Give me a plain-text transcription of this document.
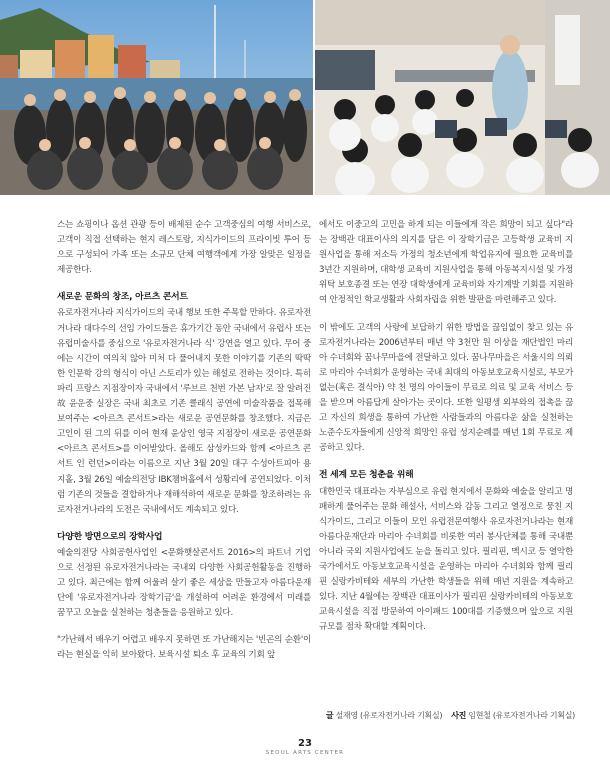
스는 쇼핑이나 옵션 관광 등이 배제된 순수 고객중심의 여행 서비스로, 고객이 직접 선택하는 현지 레스토랑, 지식가이드의 프라이빗 투어 등으로 구성되어 가족 또는 소규모 단체 여행객에게 가장 알맞은 일정을 제공한다.

새로운 문화의 창조, 아르츠 콘서트

유로자전거나라 지식가이드의 국내 행보 또한 주목할 만하다. 유로자전거나라 대다수의 선임 가이드들은 휴가기간 동안 국내에서 유럽사 또는 유럽미술사를 중심으로 '유로자전거나라 식' 강연을 열고 있다. 무어 중에는 시간이 여의치 않아 미처 다 풀어내지 못한 이야기를 기존의 딱딱한 인문학 강의 형식이 아닌 스토리가 있는 해설로 전하는 것이다. 특히 파리 프랑스 지점장이자 국내에서 '루브르 천번 가본 남자'로 잘 알려진 故 윤운중 실장은 국내 최초로 기존 클래식 공연에 미술작품을 접목해 보여주는 <아르츠 콘서트>라는 새로운 공연문화를 창조했다. 지금은 고인이 된 그의 뒤를 이어 현재 윤상인 영국 지점장이 새로운 공연문화 <아르츠 콘서트>를 이어받았다. 올해도 삼성카드와 함께 <아르츠 콘서트 인 런던>이라는 이름으로 지난 3월 20일 대구 수성아트피아 용지홀, 3월 26일 예술의전당 IBK챔버홀에서 성황리에 공연되었다. 이처럼 기존의 것들을 결합하거나 재해석하여 새로운 문화를 창조하려는 유로자전거나라의 도전은 국내에서도 계속되고 있다.

다양한 방면으로의 장학사업

예술의전당 사회공헌사업인 <문화햇살콘서트 2016>의 파트너 기업으로 선정된 유로자전거나라는 국내외 다양한 사회공헌활동을 진행하고 있다. 최근에는 함께 어울려 살기 좋은 세상을 만들고자 아름다운재단에 '유로자전거나라 장학기금'을 개설하여 어려운 환경에서 미래를 꿈꾸고 오늘을 실천하는 청춘들을 응원하고 있다.

"가난해서 배우기 어렵고 배우지 못하면 또 가난해지는 '빈곤의 순환'이라는 현실을 익히 보아왔다. 보육시설 퇴소 후 교육의 기회 앞

에서도 이중고의 고민을 하게 되는 이들에게 작은 희망이 되고 싶다"라는 장백관 대표이사의 의지를 담은 이 장학기금은 고등학생 교육비 지원사업을 통해 저소득 가정의 청소년에게 학업유지에 필요한 교육비를 3년간 지원하며, 대학생 교육비 지원사업을 통해 아동복지시설 및 가정위탁 보호종결 또는 연장 대학생에게 교육비와 자기계발 기회를 지원하여 안정적인 학교생활과 사회자립을 위한 발판을 마련해주고 있다.

이 밖에도 고객의 사랑에 보답하기 위한 방법을 끊임없이 찾고 있는 유로자전거나라는 2006년부터 매년 약 3천만 원 이상을 재단법인 마리아 수녀회와 꿈나무마을에 전달하고 있다. 꿈나무마을은 서울시의 의뢰로 마리아 수녀회가 운영하는 국내 최대의 아동보호교육시설로, 부모가 없는(혹은 결식아) 약 천 명의 아이들이 무료로 의료 및 교육 서비스 등을 받으며 아름답게 살아가는 곳이다. 또한 일평생 외부와의 접촉을 끊고 자신의 희생을 통하여 가난한 사람들과의 아름다운 삶을 실천하는 노준수도자들에게 신앙적 희망인 유럽 성지순례를 매년 1회 무료로 제공하고 있다.

전 세계 모든 청춘을 위해

대한민국 대표라는 자부심으로 유럽 현지에서 문화와 예술을 알리고 명패하게 풀어주는 문화 해설사, 서비스와 감동 그리고 열정으로 뭉친 지식가이드, 그리고 이들이 모인 유럽전문여행사 유로자전거나라는 현재 아름다운재단과 마리아 수녀회를 비롯한 여러 봉사단체를 통해 국내뿐 아니라 국외 지원사업에도 눈을 돌리고 있다. 필리핀, 멕시코 등 열악한 국가에서도 아동보호교육시설을 운영하는 마리아 수녀회와 함께 필리핀 실랑카비테와 세부의 가난한 학생들을 위해 매년 지원을 계속하고 있다. 지난 4월에는 장백관 대표이사가 필리핀 실랑카비테의 아동보호교육시설을 직접 방문하여 아이패드 100대를 기증했으며 앞으로 지원규모를 점차 확대할 계획이다.

글 설재영 (유로자전거나라 기획실) 사진 임현철 (유로자전거나라 기획실)
23
SEOUL ARTS CENTER
